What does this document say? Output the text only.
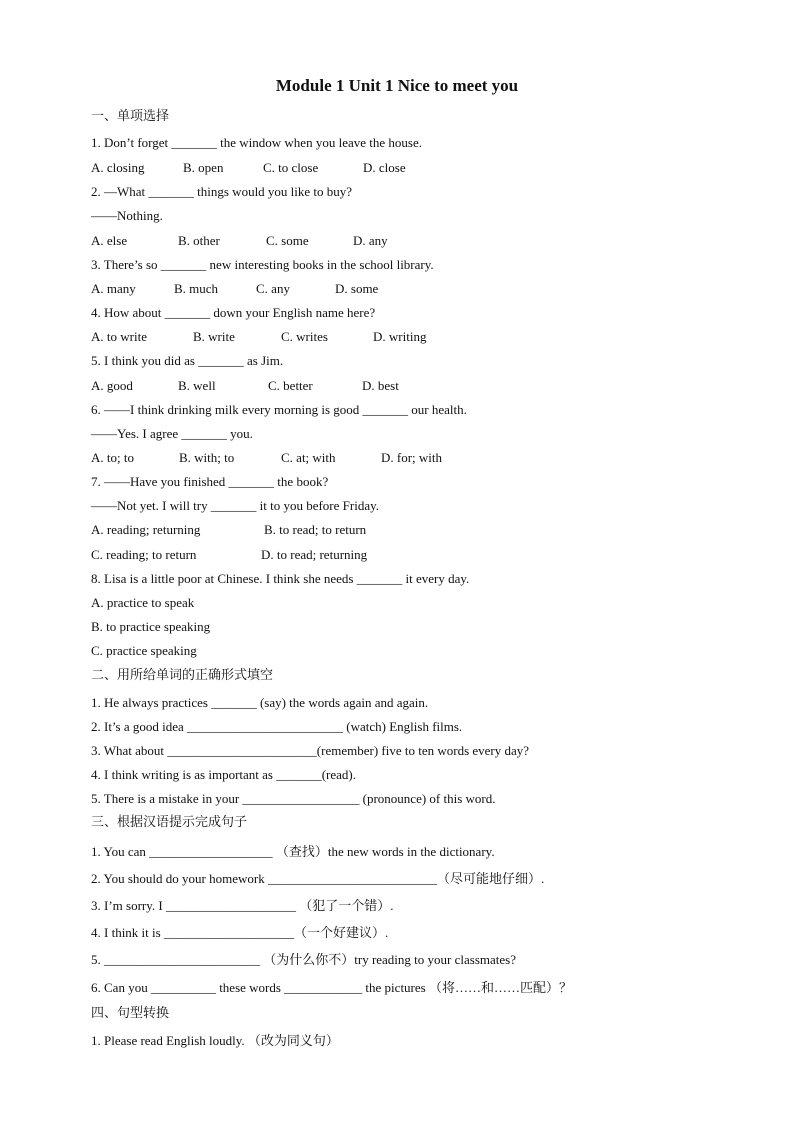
Module 1 Unit 1 Nice to meet you
一、单项选择
1. Don’t forget _______ the window when you leave the house.
A. closing	B. open	C. to close	D. close
2. —What _______ things would you like to buy?
——Nothing.
A. else	B. other	C. some	D. any
3. There’s so _______ new interesting books in the school library.
A. many	B. much	C. any	D. some
4. How about _______ down your English name here?
A. to write	B. write	C. writes	D. writing
5. I think you did as _______ as Jim.
A. good	B. well	C. better	D. best
6. ——I think drinking milk every morning is good _______ our health.
——Yes. I agree _______ you.
A. to; to	B. with; to	C. at; with	D. for; with
7. ——Have you finished _______ the book?
——Not yet. I will try _______ it to you before Friday.
A. reading; returning	B. to read; to return
C. reading; to return	D. to read; returning
8. Lisa is a little poor at Chinese. I think she needs _______ it every day.
A. practice to speak
B. to practice speaking
C. practice speaking
二、用所给单词的正确形式填空
1. He always practices _______ (say) the words again and again.
2. It’s a good idea ________________________ (watch) English films.
3. What about _______________________(remember) five to ten words every day?
4. I think writing is as important as _______(read).
5. There is a mistake in your __________________ (pronounce) of this word.
三、根据汉语提示完成句子
1. You can ___________________ （查找）the new words in the dictionary.
2. You should do your homework __________________________（尽可能地仔细）.
3. I’m sorry. I ____________________ （犯了一个错）.
4. I think it is ____________________（一个好建议）.
5. ________________________ （为什么你不）try reading to your classmates?
6. Can you __________ these words ____________ the pictures （将……和……匹配）？
四、句型转换
1. Please read English loudly. （改为同义句）
